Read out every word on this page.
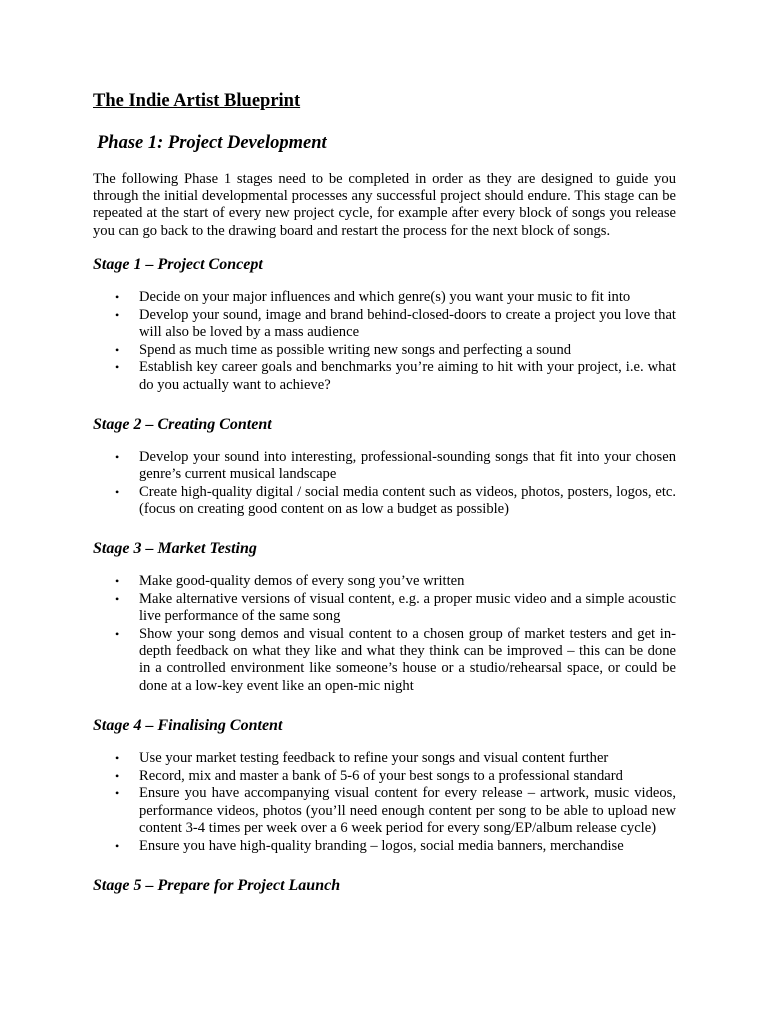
The Indie Artist Blueprint
Phase 1: Project Development

The following Phase 1 stages need to be completed in order as they are designed to guide you through the initial developmental processes any successful project should endure. This stage can be repeated at the start of every new project cycle, for example after every block of songs you release you can go back to the drawing board and restart the process for the next block of songs.

Stage 1 – Project Concept
• Decide on your major influences and which genre(s) you want your music to fit into
• Develop your sound, image and brand behind-closed-doors to create a project you love that will also be loved by a mass audience
• Spend as much time as possible writing new songs and perfecting a sound
• Establish key career goals and benchmarks you’re aiming to hit with your project, i.e. what do you actually want to achieve?
Stage 2 – Creating Content
• Develop your sound into interesting, professional-sounding songs that fit into your chosen genre’s current musical landscape
• Create high-quality digital / social media content such as videos, photos, posters, logos, etc. (focus on creating good content on as low a budget as possible)
Stage 3 – Market Testing
• Make good-quality demos of every song you’ve written
• Make alternative versions of visual content, e.g. a proper music video and a simple acoustic live performance of the same song
• Show your song demos and visual content to a chosen group of market testers and get in-depth feedback on what they like and what they think can be improved – this can be done in a controlled environment like someone’s house or a studio/rehearsal space, or could be done at a low-key event like an open-mic night
Stage 4 – Finalising Content
• Use your market testing feedback to refine your songs and visual content further
• Record, mix and master a bank of 5-6 of your best songs to a professional standard
• Ensure you have accompanying visual content for every release – artwork, music videos, performance videos, photos (you’ll need enough content per song to be able to upload new content 3-4 times per week over a 6 week period for every song/EP/album release cycle)
• Ensure you have high-quality branding – logos, social media banners, merchandise
Stage 5 – Prepare for Project Launch
